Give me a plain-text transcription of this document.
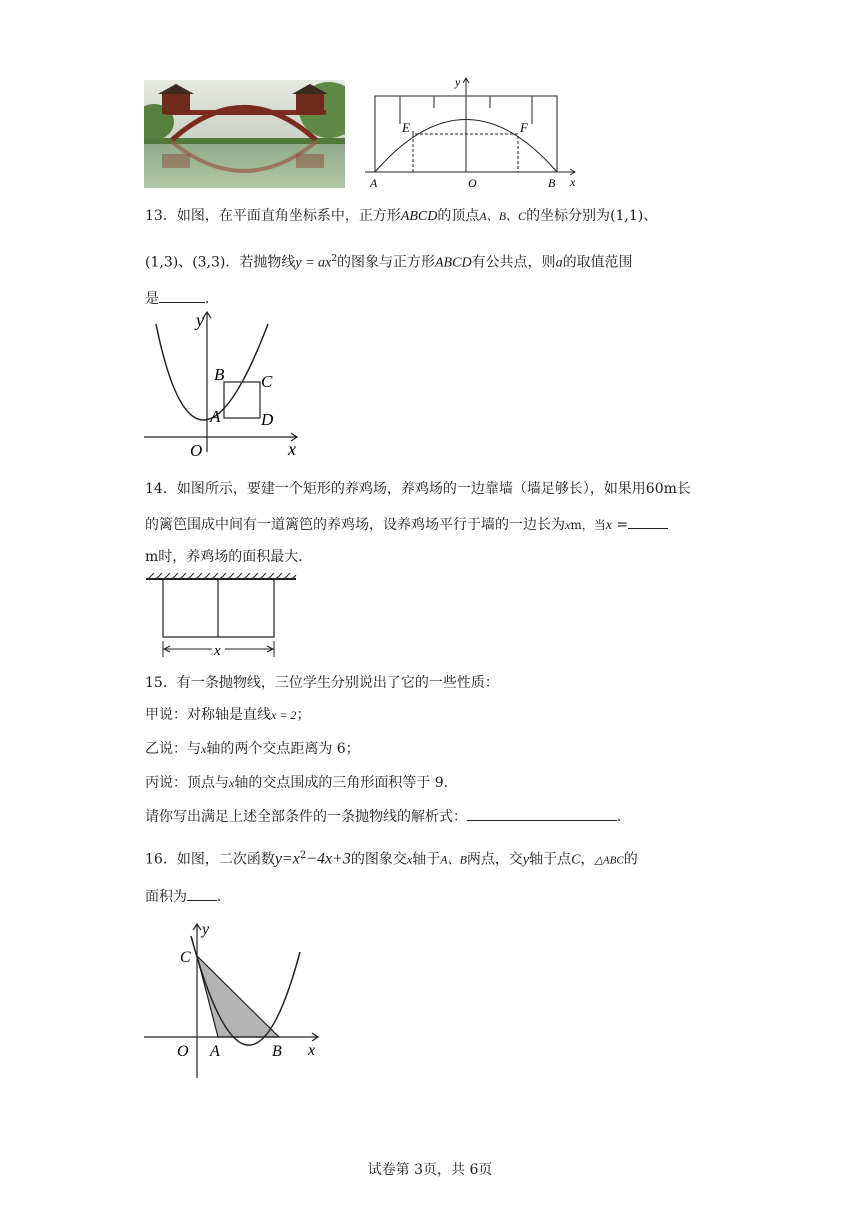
y
E	F
A	O	B x
13．如图，在平面直角坐标系中，正方形ABCD的顶点A、B、C的坐标分别为(1,1)、
(1,3)、(3,3)．若抛物线$y = ax^2$的图象与正方形ABCD有公共点，则a的取值范围
是	．
y
x
O
A
B C
D
14．如图所示，要建一个矩形的养鸡场，养鸡场的一边靠墙（墙足够长），如果用60m长
的篱笆围成中间有一道篱笆的养鸡场，设养鸡场平行于墙的一边长为xm，当x =
m时，养鸡场的面积最大．
x
15．有一条抛物线，三位学生分别说出了它的一些性质：
甲说：对称轴是直线x = 2；
乙说：与x轴的两个交点距离为 6；
丙说：顶点与x轴的交点围成的三角形面积等于 9．
请你写出满足上述全部条件的一条抛物线的解析式：	．
16．如图，二次函数$y=x^2-4x+3$的图象交x轴于A、B两点，交y轴于点C，△ABC的
面积为 ．
y
x
C
O A	B
试卷第 3页，共 6页
